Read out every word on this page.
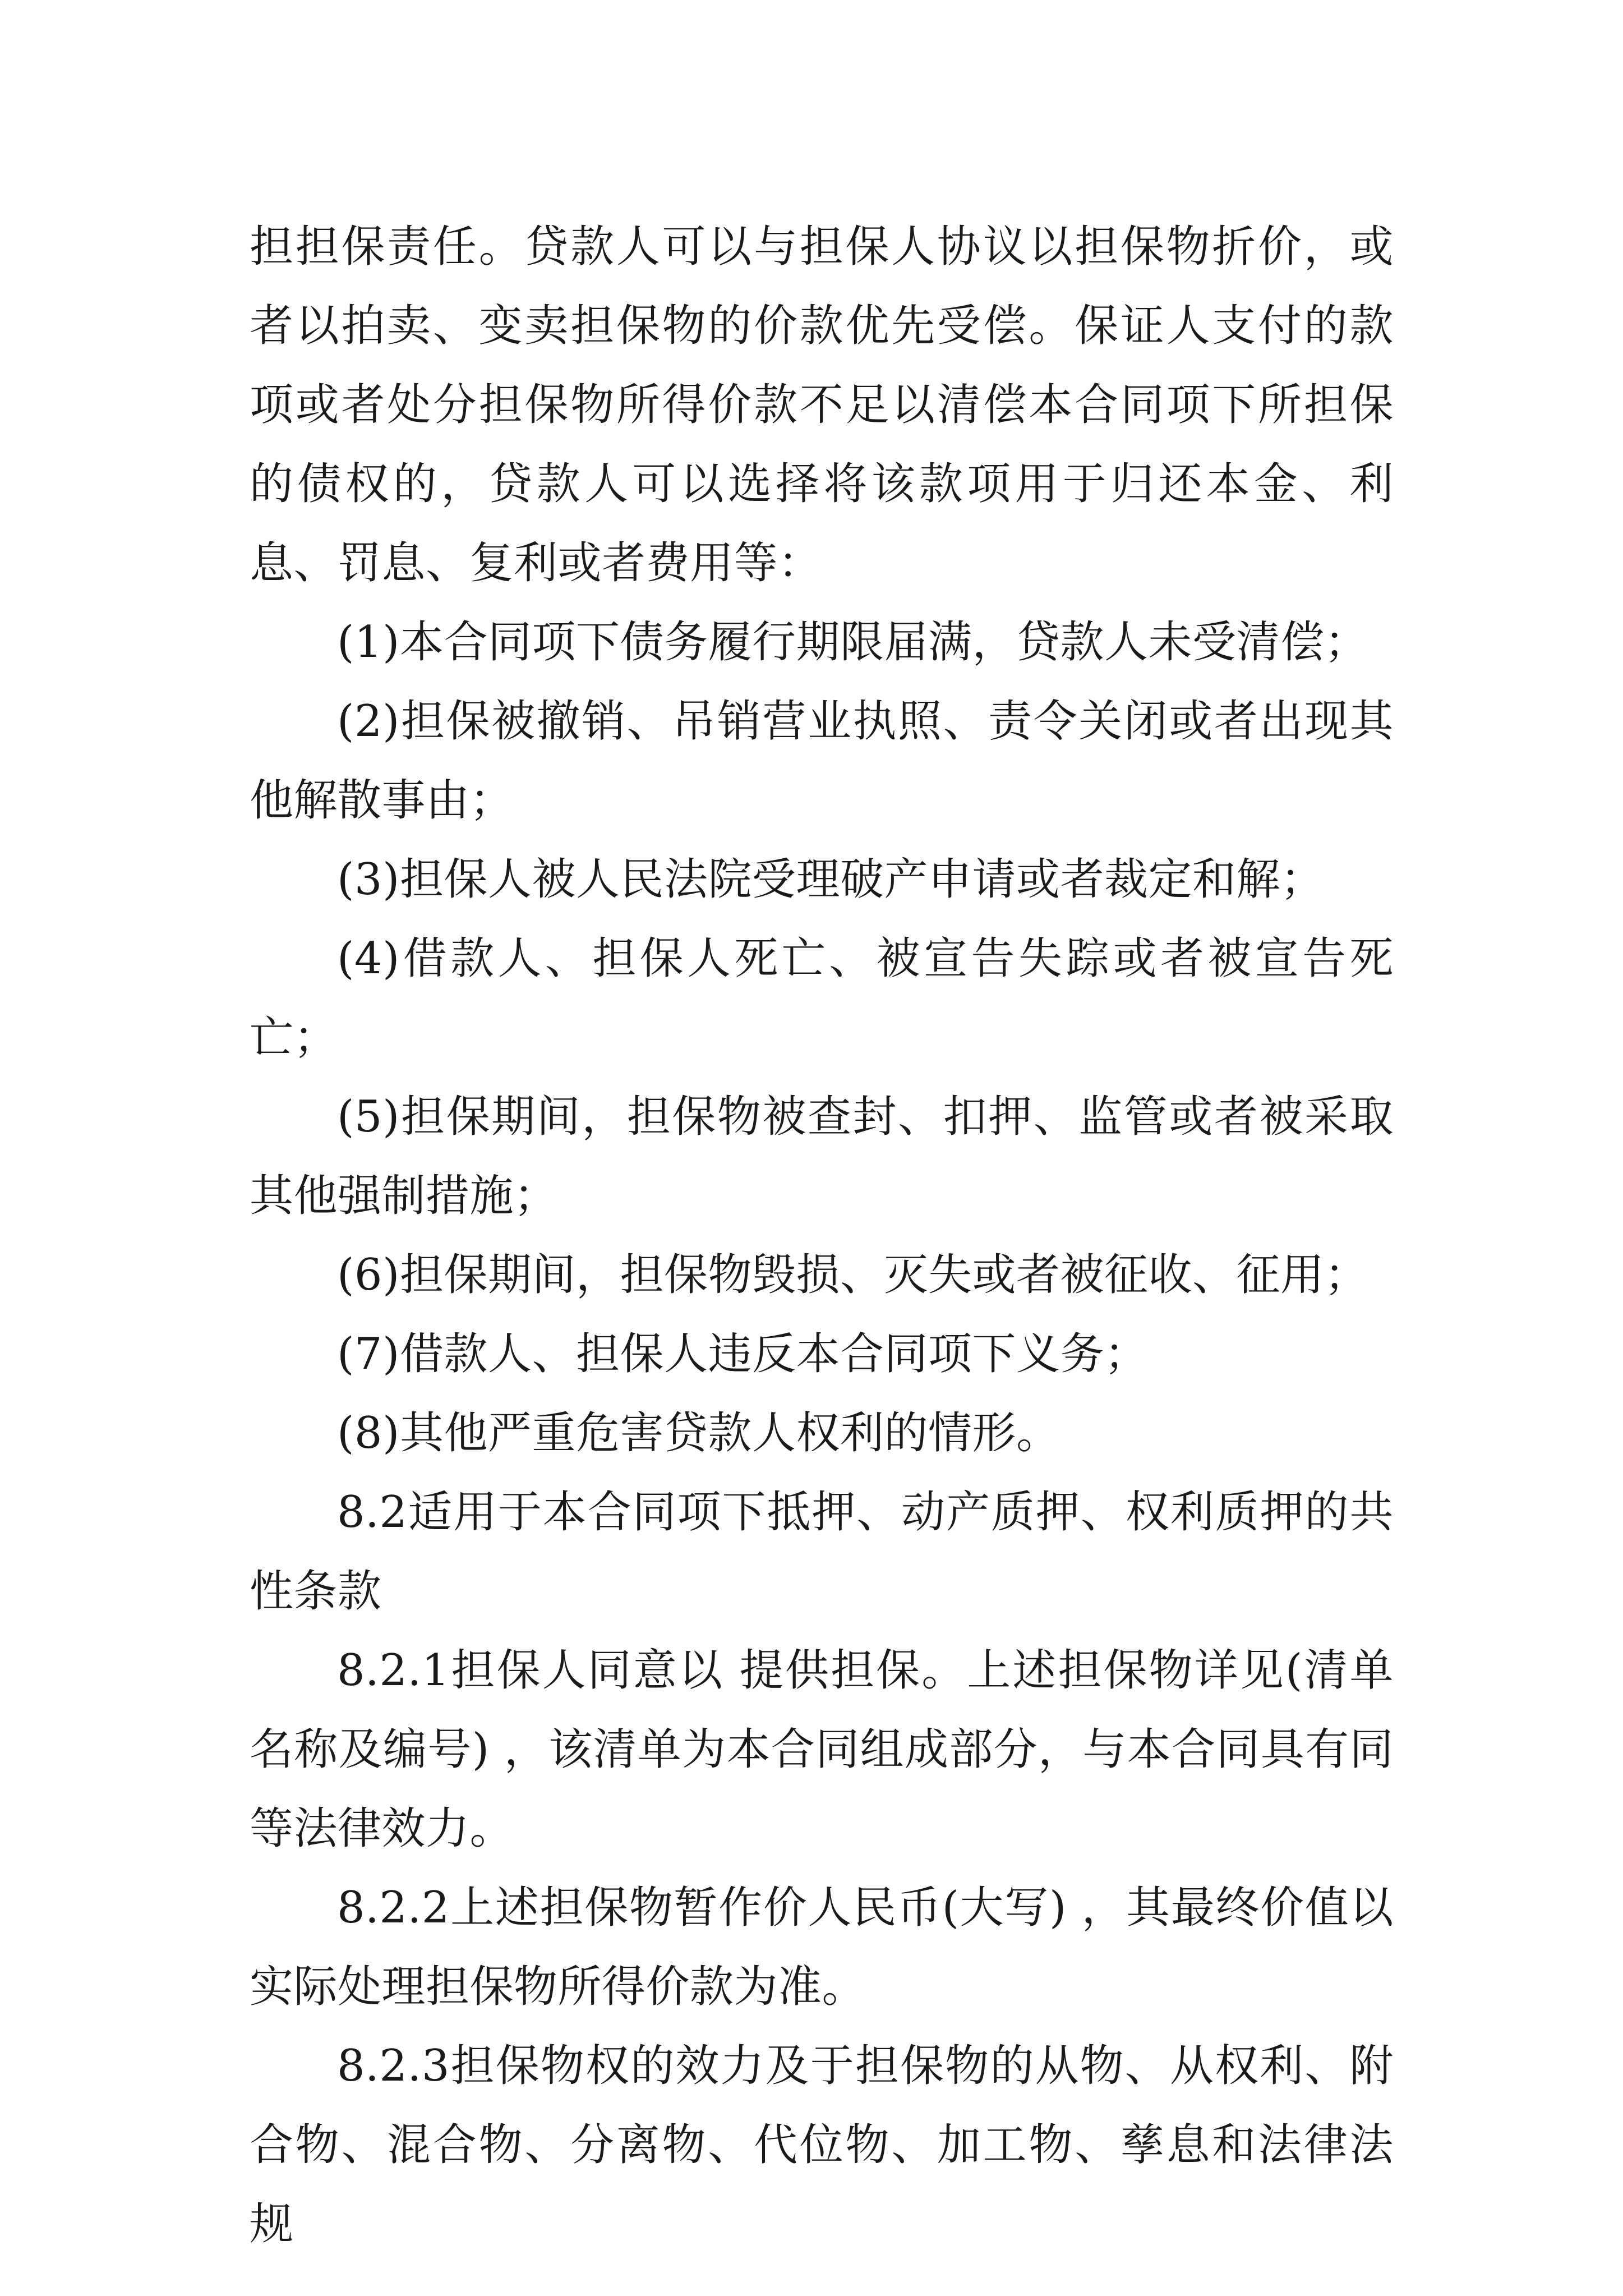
担担保责任。贷款人可以与担保人协议以担保物折价，或者以拍卖、变卖担保物的价款优先受偿。保证人支付的款项或者处分担保物所得价款不足以清偿本合同项下所担保的债权的，贷款人可以选择将该款项用于归还本金、利息、罚息、复利或者费用等：

(1)本合同项下债务履行期限届满，贷款人未受清偿；

(2)担保被撤销、吊销营业执照、责令关闭或者出现其他解散事由；

(3)担保人被人民法院受理破产申请或者裁定和解；

(4)借款人、担保人死亡、被宣告失踪或者被宣告死亡；

(5)担保期间，担保物被查封、扣押、监管或者被采取其他强制措施；

(6)担保期间，担保物毁损、灭失或者被征收、征用；

(7)借款人、担保人违反本合同项下义务；

(8)其他严重危害贷款人权利的情形。

8.2适用于本合同项下抵押、动产质押、权利质押的共性条款

8.2.1担保人同意以 提供担保。上述担保物详见(清单名称及编号) ，该清单为本合同组成部分，与本合同具有同等法律效力。

8.2.2上述担保物暂作价人民币(大写) ，其最终价值以实际处理担保物所得价款为准。

8.2.3担保物权的效力及于担保物的从物、从权利、附合物、混合物、分离物、代位物、加工物、孳息和法律法规
